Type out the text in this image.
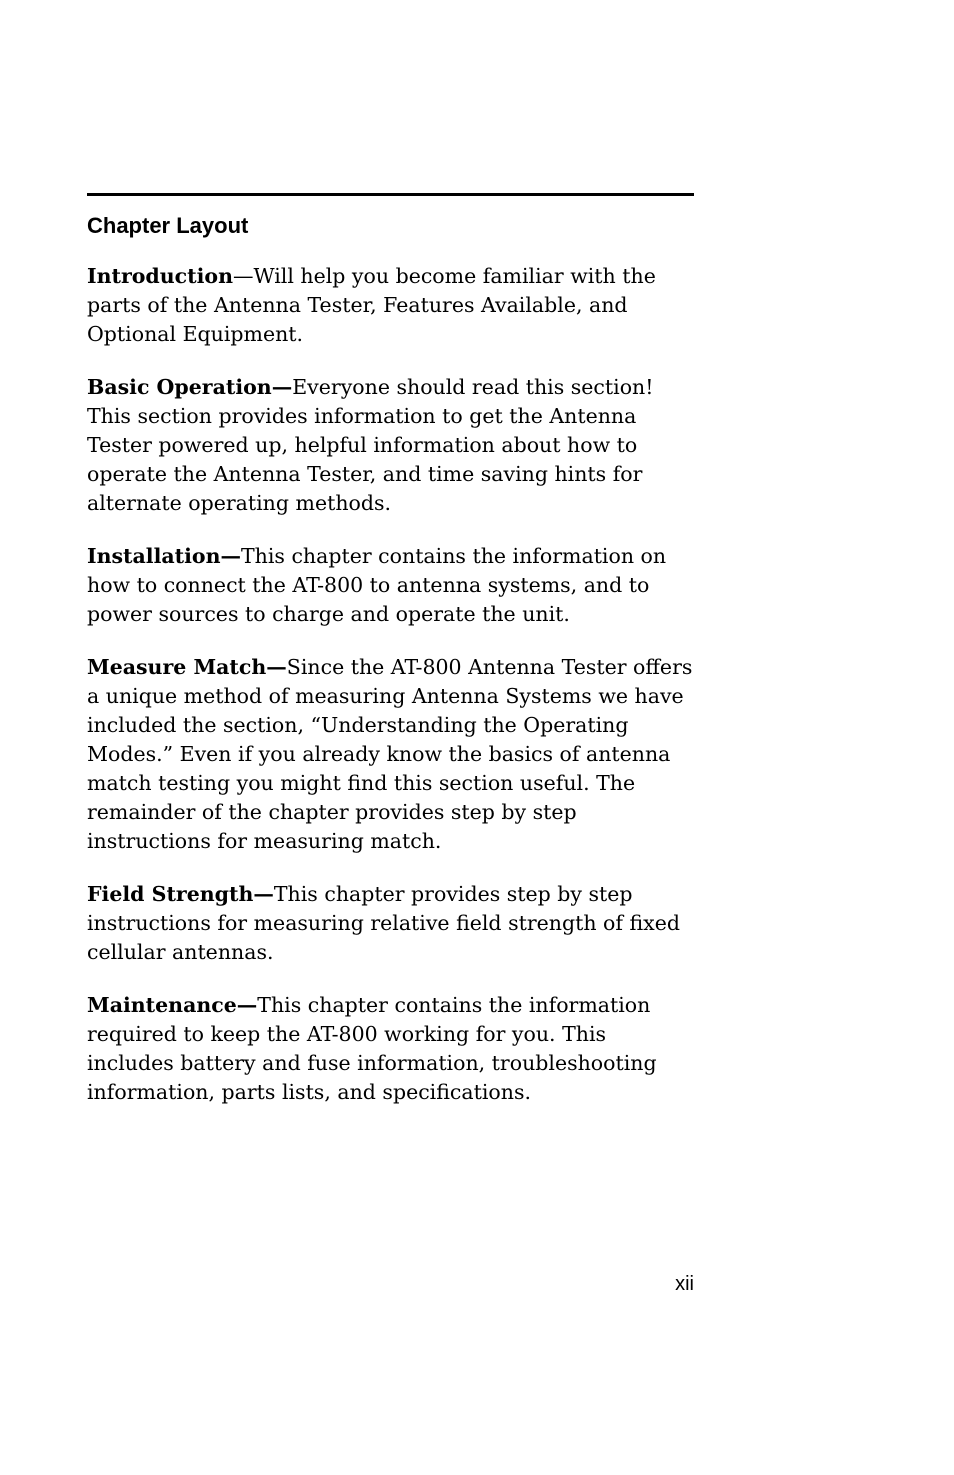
Chapter Layout

Introduction—Will help you become familiar with the parts of the Antenna Tester, Features Available, and Optional Equipment.

Basic Operation—Everyone should read this section! This section provides information to get the Antenna Tester powered up, helpful information about how to operate the Antenna Tester, and time saving hints for alternate operating methods.

Installation—This chapter contains the information on how to connect the AT-800 to antenna systems, and to power sources to charge and operate the unit.

Measure Match—Since the AT-800 Antenna Tester offers a unique method of measuring Antenna Systems we have included the section, “Understanding the Operating Modes.” Even if you already know the basics of antenna match testing you might find this section useful. The remainder of the chapter provides step by step instructions for measuring match.

Field Strength—This chapter provides step by step instructions for measuring relative field strength of fixed cellular antennas.

Maintenance—This chapter contains the information required to keep the AT-800 working for you. This includes battery and fuse information, troubleshooting information, parts lists, and specifications.

xii
